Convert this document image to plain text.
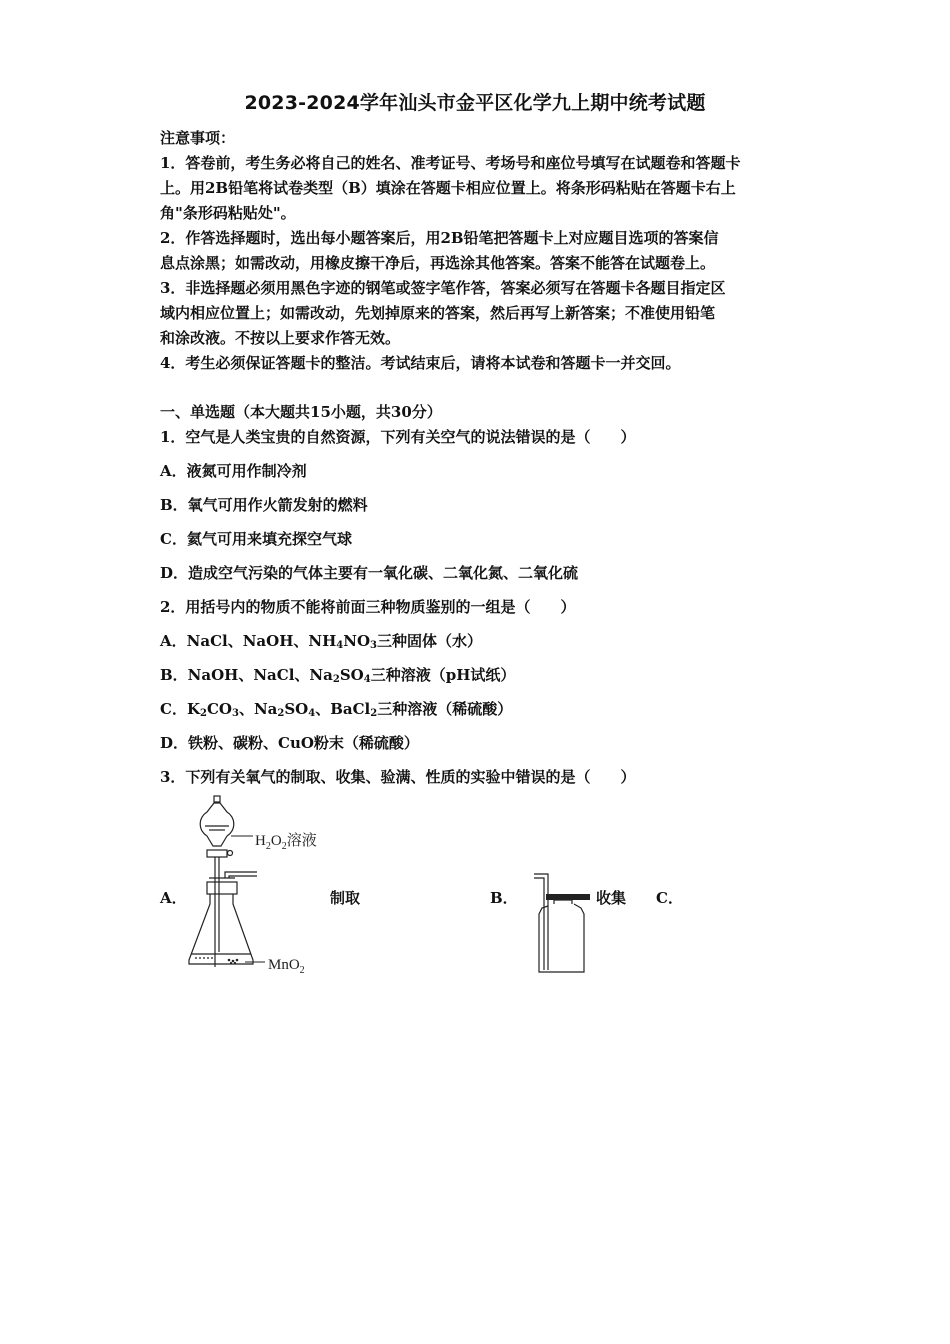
2023-2024学年汕头市金平区化学九上期中统考试题
注意事项：
1．答卷前，考生务必将自己的姓名、准考证号、考场号和座位号填写在试题卷和答题卡
上。用2B铅笔将试卷类型（B）填涂在答题卡相应位置上。将条形码粘贴在答题卡右上
角"条形码粘贴处"。
2．作答选择题时，选出每小题答案后，用2B铅笔把答题卡上对应题目选项的答案信
息点涂黑；如需改动，用橡皮擦干净后，再选涂其他答案。答案不能答在试题卷上。
3．非选择题必须用黑色字迹的钢笔或签字笔作答，答案必须写在答题卡各题目指定区
域内相应位置上；如需改动，先划掉原来的答案，然后再写上新答案；不准使用铅笔
和涂改液。不按以上要求作答无效。
4．考生必须保证答题卡的整洁。考试结束后，请将本试卷和答题卡一并交回。
一、单选题（本大题共15小题，共30分）
1．空气是人类宝贵的自然资源，下列有关空气的说法错误的是（　　）
A．液氮可用作制冷剂
B．氧气可用作火箭发射的燃料
C．氦气可用来填充探空气球
D．造成空气污染的气体主要有一氧化碳、二氧化氮、二氧化硫
2．用括号内的物质不能将前面三种物质鉴别的一组是（　　）
A．NaCl、NaOH、$NH_4NO_3$三种固体（水）
B．NaOH、NaCl、$Na_2SO_4$三种溶液（pH试纸）
C．$K_2CO_3$、$Na_2SO_4$、BaCl$_2$三种溶液（稀硫酸）
D．铁粉、碳粉、CuO粉末（稀硫酸）
3．下列有关氧气的制取、收集、验满、性质的实验中错误的是（　　）
A．	制取	B．	收集 C．
$H_2O_2$溶液
MnO$_2$
